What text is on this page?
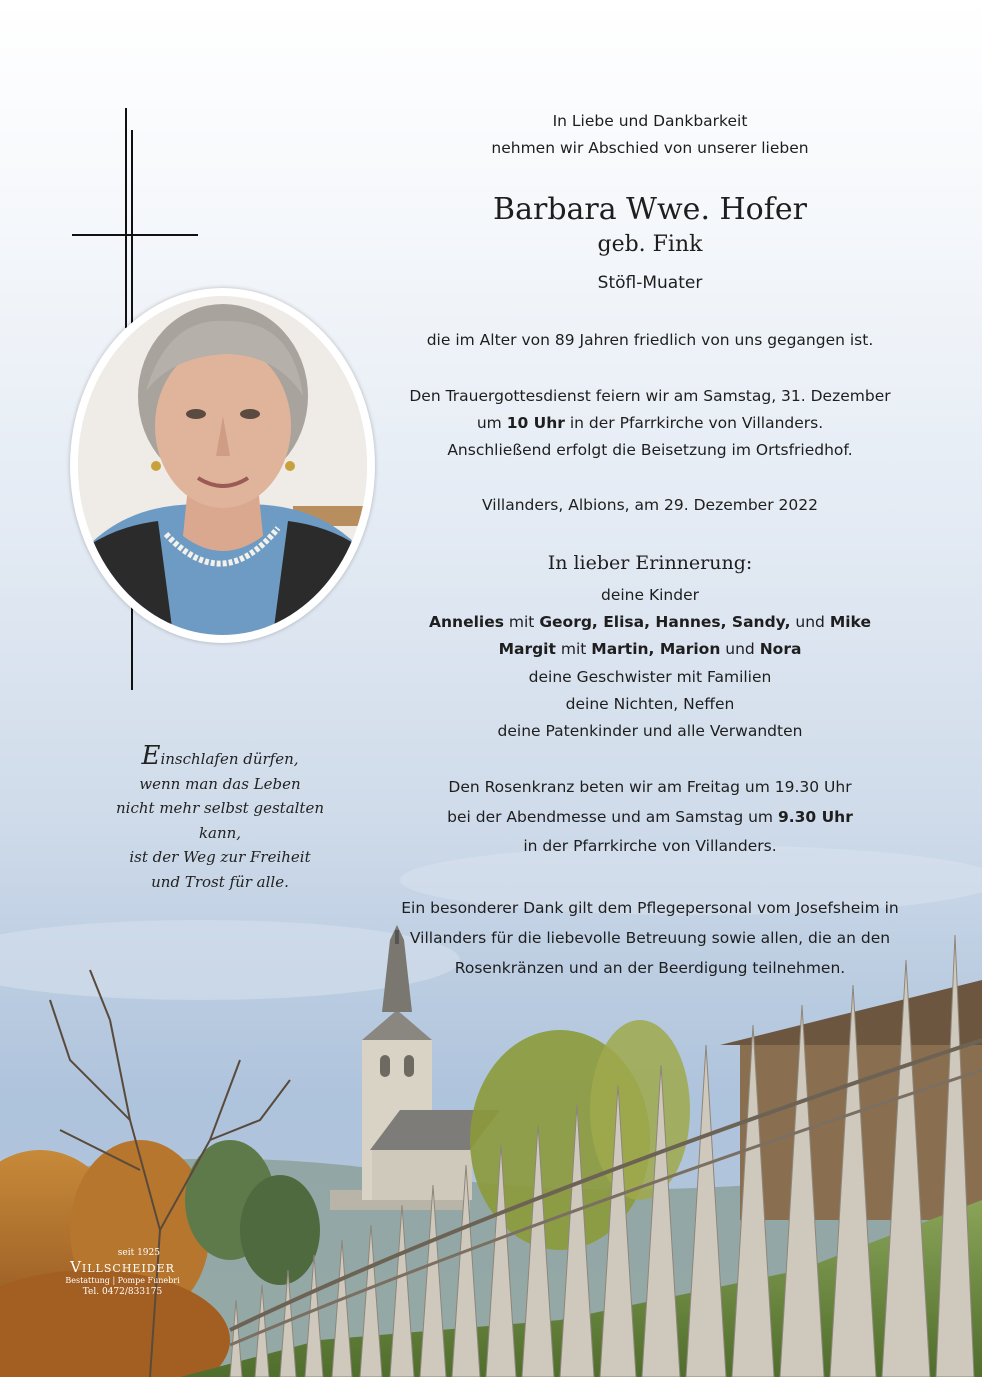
In Liebe und Dankbarkeit
nehmen wir Abschied von unserer lieben
Barbara Wwe. Hofer
geb. Fink
Stöfl-Muater
die im Alter von 89 Jahren friedlich von uns gegangen ist.
Den Trauergottesdienst feiern wir am Samstag, 31. Dezember
um 10 Uhr in der Pfarrkirche von Villanders.
Anschließend erfolgt die Beisetzung im Ortsfriedhof.
Villanders, Albions, am 29. Dezember 2022
In lieber Erinnerung:
deine Kinder
Annelies mit Georg, Elisa, Hannes, Sandy, und Mike
Margit mit Martin, Marion und Nora
deine Geschwister mit Familien
deine Nichten, Neffen
deine Patenkinder und alle Verwandten
Den Rosenkranz beten wir am Freitag um 19.30 Uhr
bei der Abendmesse und am Samstag um 9.30 Uhr
in der Pfarrkirche von Villanders.
Ein besonderer Dank gilt dem Pflegepersonal vom Josefsheim in
Villanders für die liebevolle Betreuung sowie allen, die an den
Rosenkränzen und an der Beerdigung teilnehmen.
Einschlafen dürfen,
wenn man das Leben
nicht mehr selbst gestalten kann,
ist der Weg zur Freiheit
und Trost für alle.
seit 1925
Villscheider
Bestattung | Pompe Funebri
Tel. 0472/833175
